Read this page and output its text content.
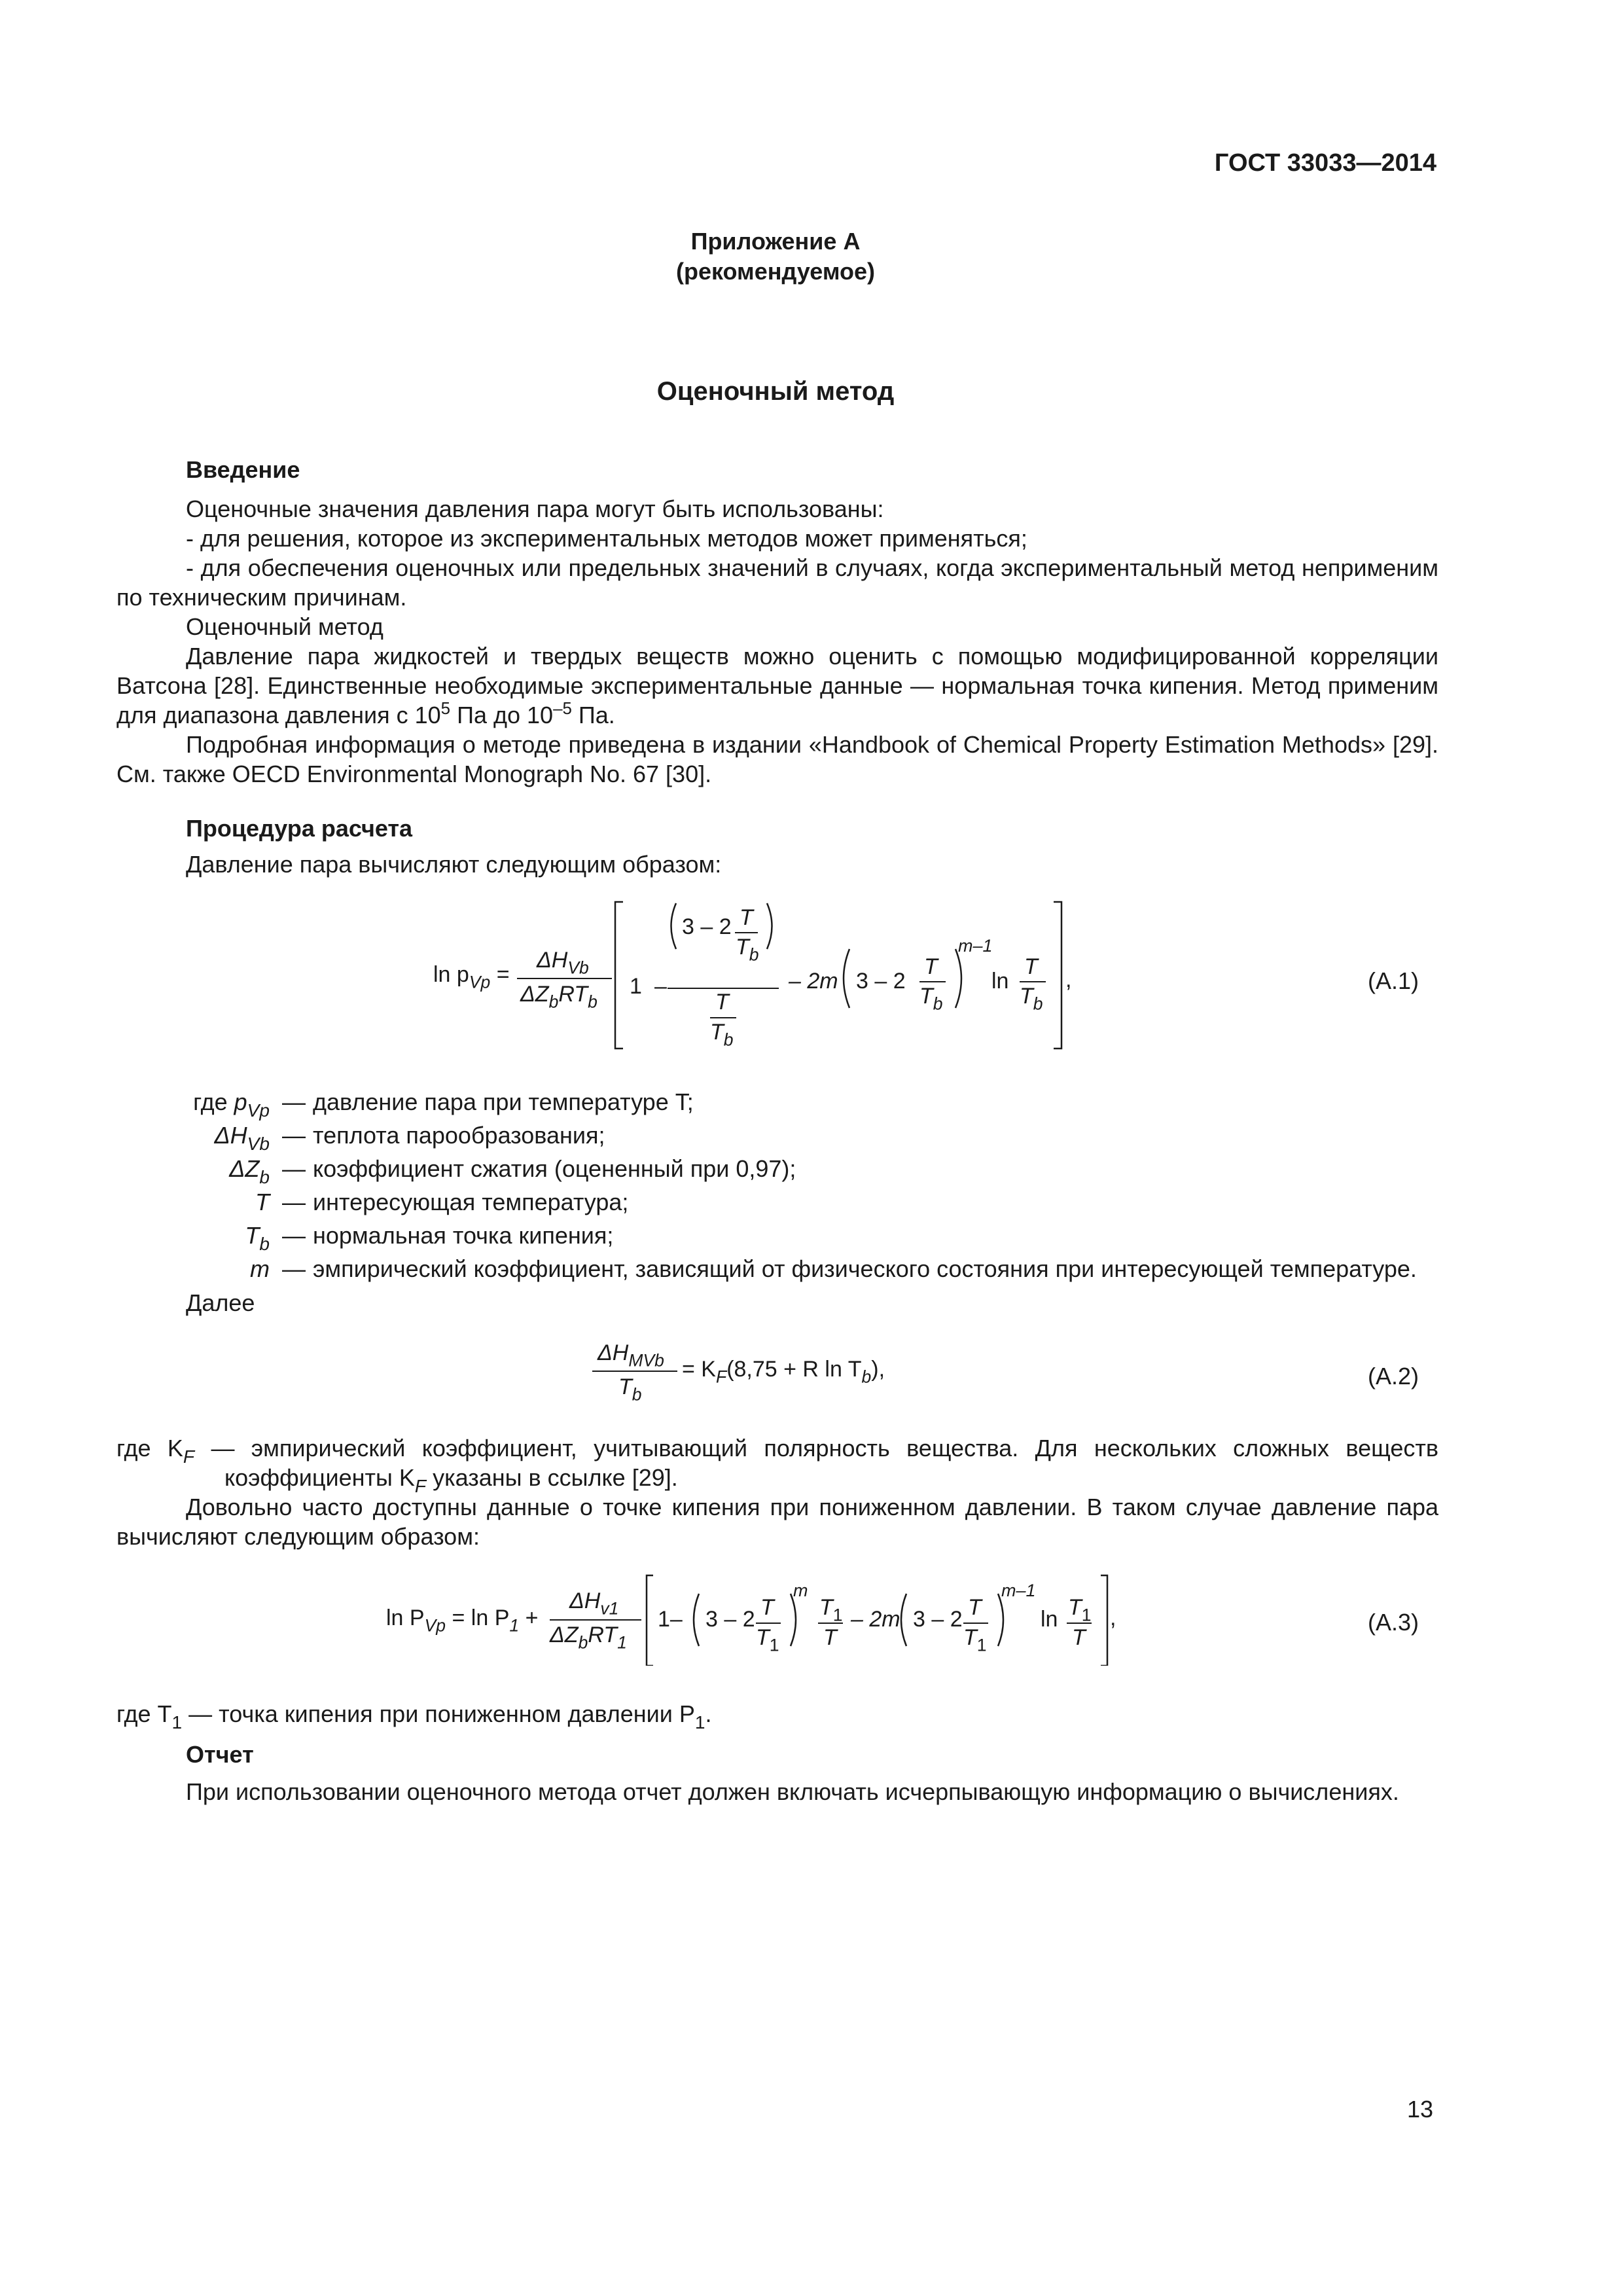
ГОСТ 33033—2014
Приложение А
(рекомендуемое)
Оценочный метод
Введение
Оценочные значения давления пара могут быть использованы:
- для решения, которое из экспериментальных методов может применяться;
- для обеспечения оценочных или предельных значений в случаях, когда экспериментальный метод неприменим по техническим причинам.
Оценочный метод
Давление пара жидкостей и твердых веществ можно оценить с помощью модифицированной корреляции Ватсона [28]. Единственные необходимые экспериментальные данные — нормальная точка кипения. Метод применим для диапазона давления с $10^5$ Па до $10^{-5}$ Па.
Подробная информация о методе приведена в издании «Handbook of Chemical Property Estimation Methods» [29]. См. также OECD Environmental Monograph No. 67 [30].
Процедура расчета
Давление пара вычисляют следующим образом:
$\ln p_{Vp}$ =
$\Delta H_{Vb}$
$\Delta Z_bRT_b$
1 –
3 – 2 T
$T_b$
T
$T_b$
– 2m 3 – 2
T
$T_b$
m–1
ln
T
$T_b$
,	(А.1)
где $p_{Vp}$ — давление пара при температуре T;
$\Delta H_{Vb}$ — теплота парообразования;
$\Delta Z_b$ — коэффициент сжатия (оцененный при 0,97);
T — интересующая температура;
$T_b$ — нормальная точка кипения;
m — эмпирический коэффициент, зависящий от физического состояния при интересующей температуре.
Далее
$\Delta H_{MVb}$
$T_b$
= $K_F(8,75 + R$ $\ln T_b$),	(А.2)
где $K_F$ — эмпирический коэффициент, учитывающий полярность вещества. Для нескольких сложных веществ коэффициенты $K_F$ указаны в ссылке [29].
Довольно часто доступны данные о точке кипения при пониженном давлении. В таком случае давление пара вычисляют следующим образом:
$\ln P_{Vp} = \ln P_1$ +
$\Delta H_{v1}$
$\Delta Z_bRT_1$
1– 3 – 2 T
$T_1$
m
$T_1$
T
– 2m 3 – 2 T
$T_1$
m–1
$\ln T_1$
T
,	(А.3)
где $T_1$ — точка кипения при пониженном давлении $P_1$.
Отчет
При использовании оценочного метода отчет должен включать исчерпывающую информацию о вычислениях.
13
